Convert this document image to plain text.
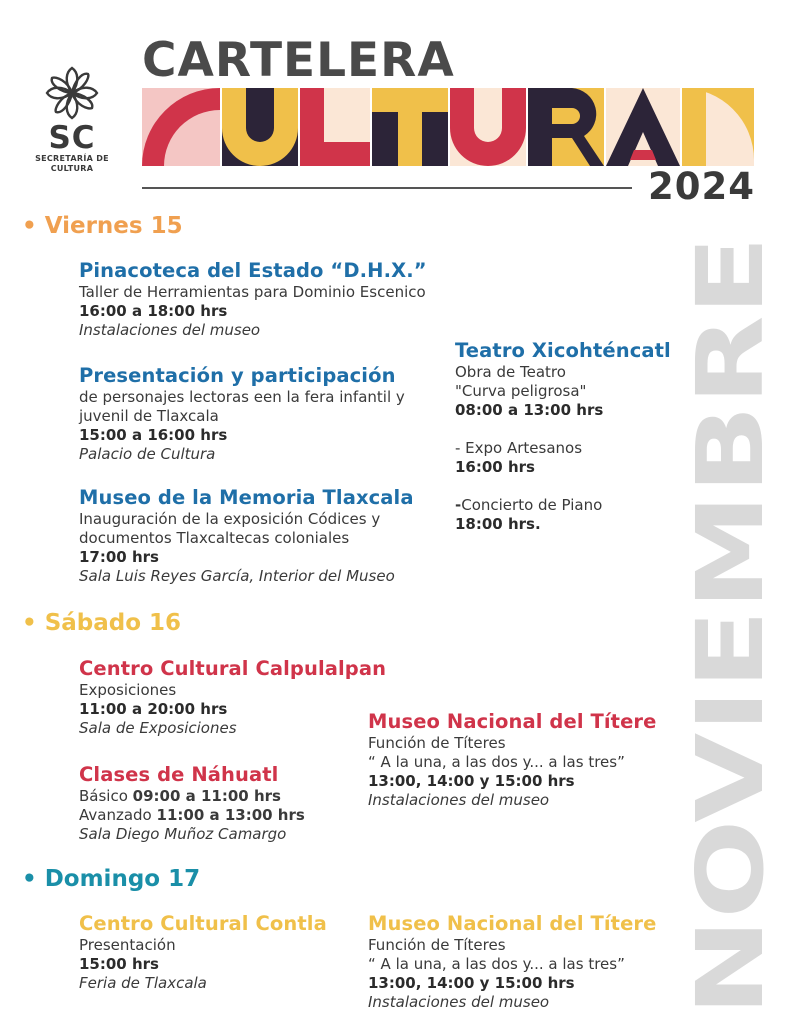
SC
SECRETARÍA DE
CULTURA
CARTELERA
2024
NOVIEMBRE
• Viernes 15
Pinacoteca del Estado “D.H.X.”
Taller de Herramientas para Dominio Escenico
16:00 a 18:00 hrs
Instalaciones del museo
Presentación y participación
de personajes lectoras een la fera infantil y
juvenil de Tlaxcala
15:00 a 16:00 hrs
Palacio de Cultura
Museo de la Memoria Tlaxcala
Inauguración de la exposición Códices y
documentos Tlaxcaltecas coloniales
17:00 hrs
Sala Luis Reyes García, Interior del Museo
Teatro Xicohténcatl
Obra de Teatro
"Curva peligrosa"
08:00 a 13:00 hrs
- Expo Artesanos
16:00 hrs
-Concierto de Piano
18:00 hrs.
• Sábado 16
Centro Cultural Calpulalpan
Exposiciones
11:00 a 20:00 hrs
Sala de Exposiciones
Clases de Náhuatl
Básico 09:00 a 11:00 hrs
Avanzado 11:00 a 13:00 hrs
Sala Diego Muñoz Camargo
Museo Nacional del Títere
Función de Títeres
“ A la una, a las dos y... a las tres”
13:00, 14:00 y 15:00 hrs
Instalaciones del museo
• Domingo 17
Centro Cultural Contla
Presentación
15:00 hrs
Feria de Tlaxcala
Museo Nacional del Títere
Función de Títeres
“ A la una, a las dos y... a las tres”
13:00, 14:00 y 15:00 hrs
Instalaciones del museo
